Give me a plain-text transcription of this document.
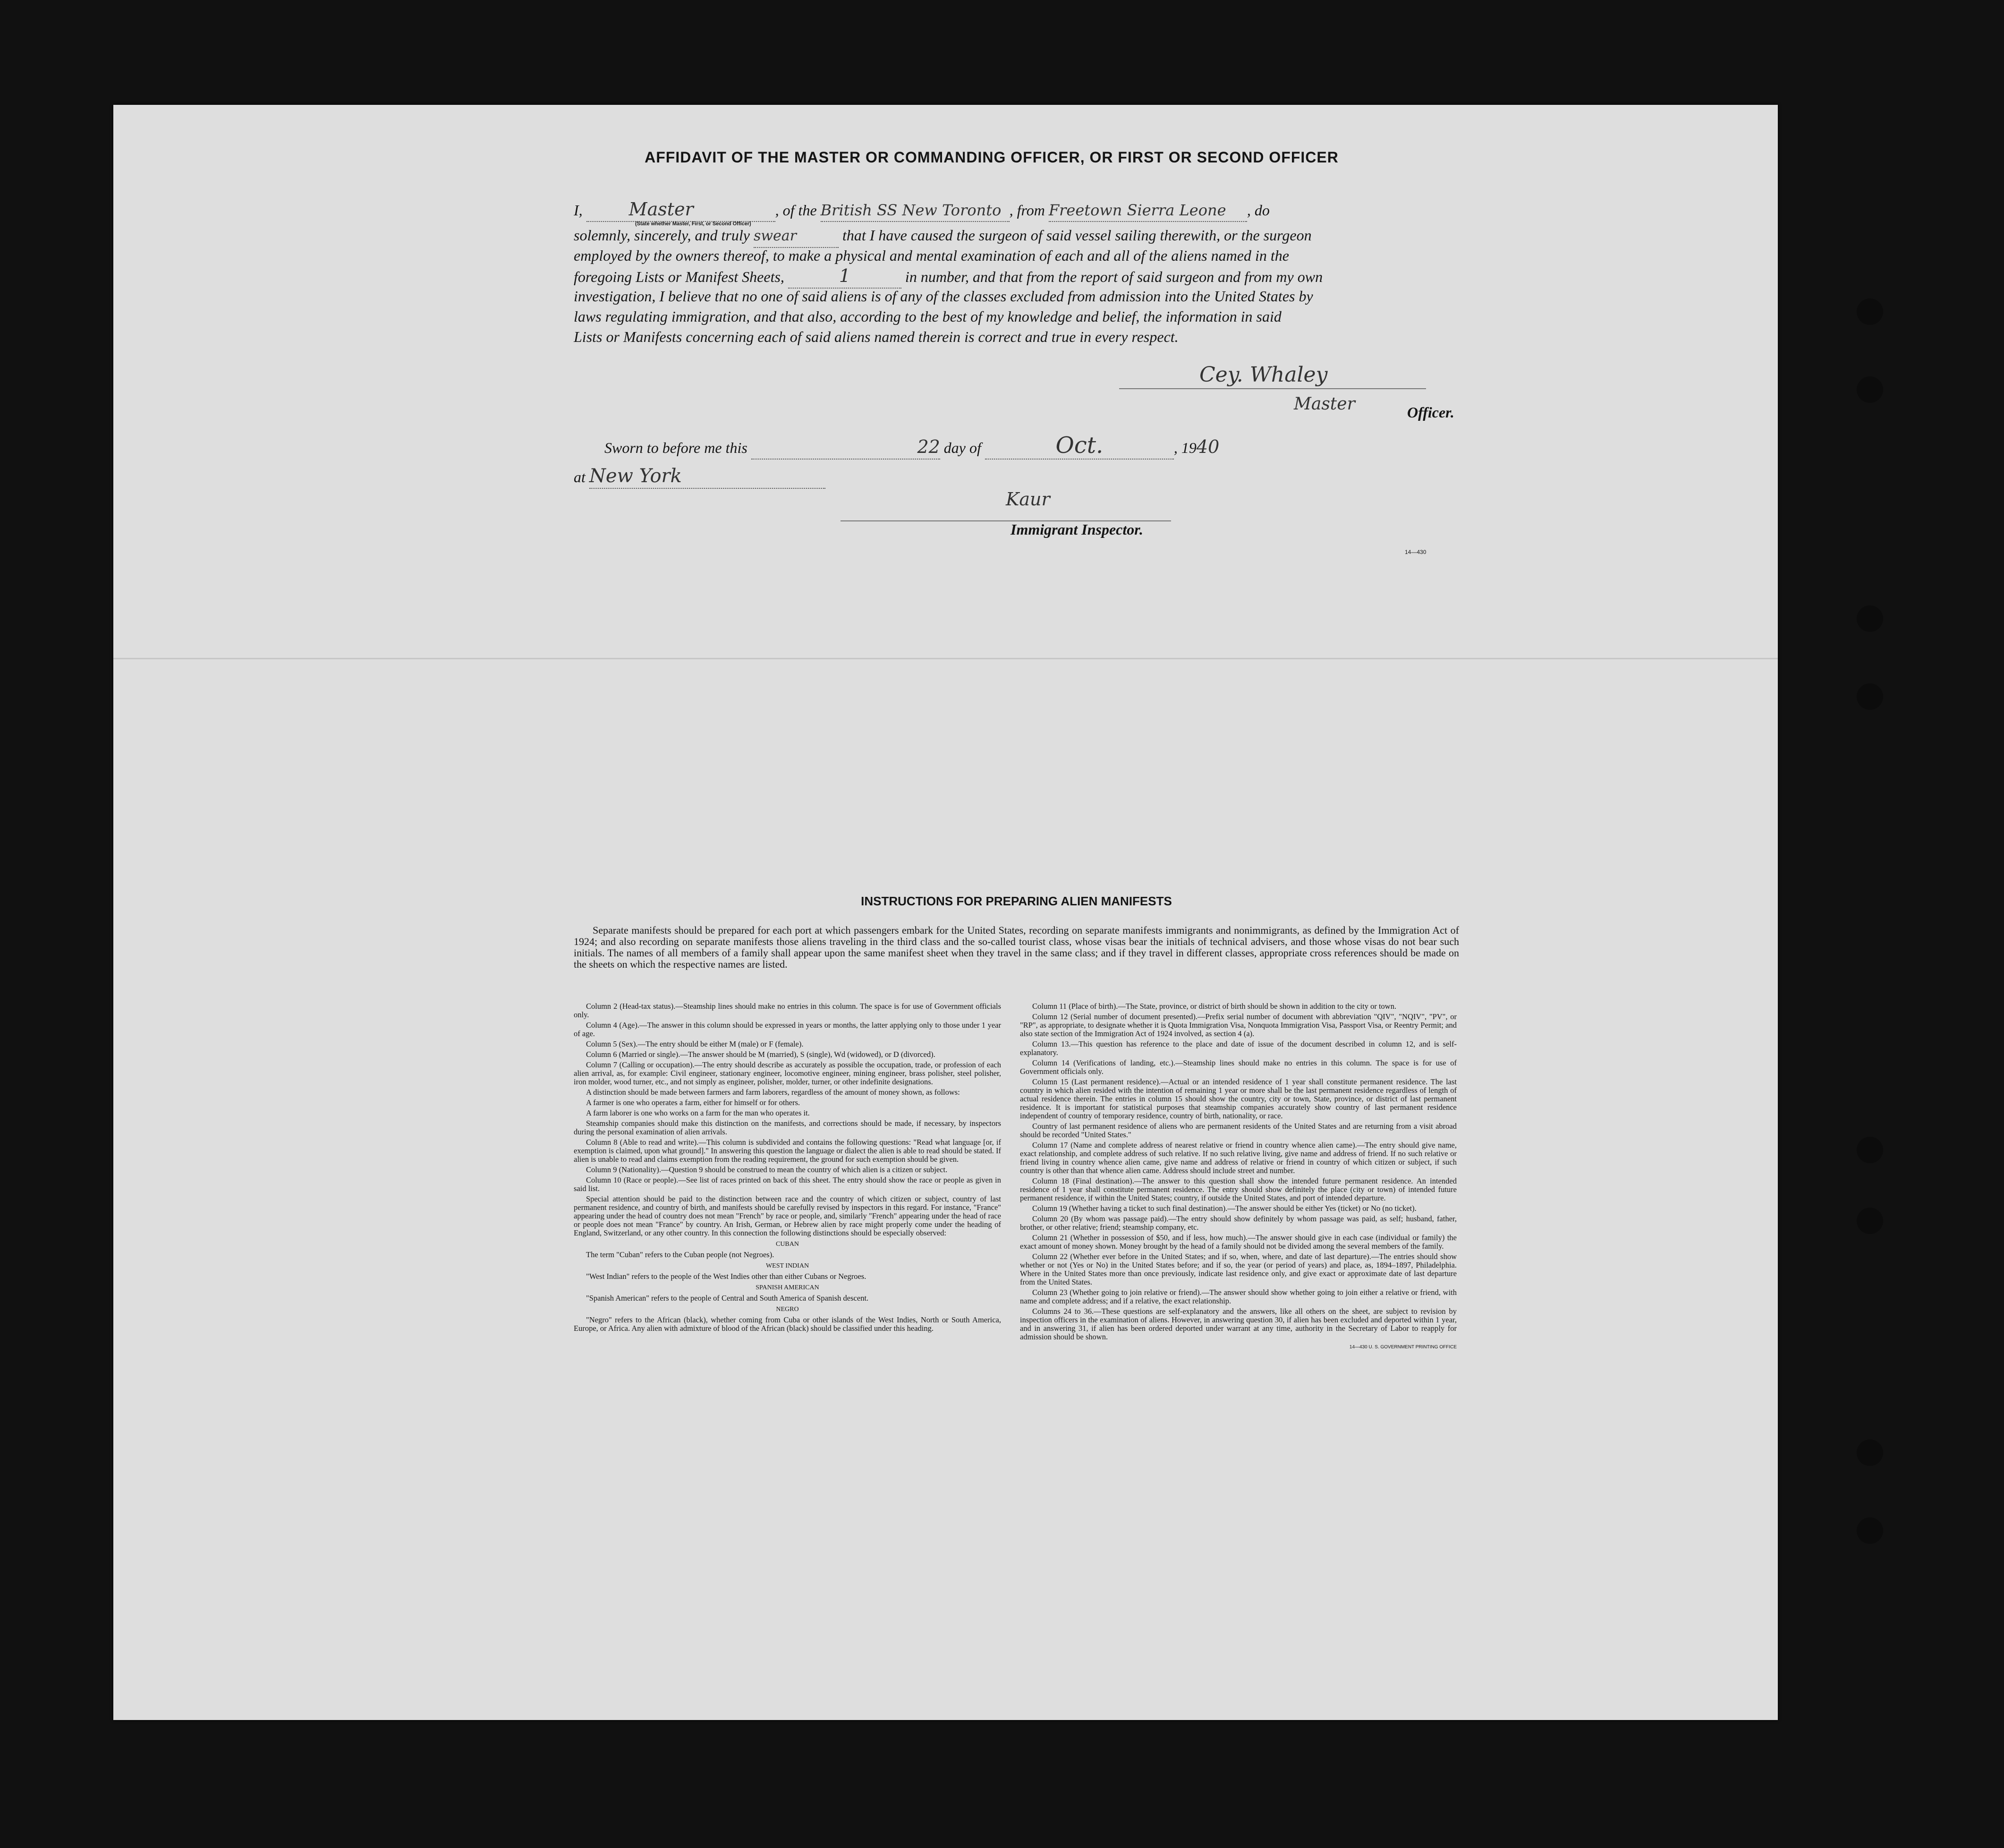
AFFIDAVIT OF THE MASTER OR COMMANDING OFFICER, OR FIRST OR SECOND OFFICER
I,	Master	, of the British SS New Toronto , from Freetown Sierra Leone , do
(State whether Master, First, or Second Officer)
solemnly, sincerely, and truly swear	that I have caused the surgeon of said vessel sailing therewith, or the surgeon
employed by the owners thereof, to make a physical and mental examination of each and all of the aliens named in the
foregoing Lists or Manifest Sheets,	1	in number, and that from the report of said surgeon and from my own
investigation, I believe that no one of said aliens is of any of the classes excluded from admission into the United States by
laws regulating immigration, and that also, according to the best of my knowledge and belief, the information in said
Lists or Manifests concerning each of said aliens named therein is correct and true in every respect.
Cey. Whaley
Master	Officer.
Sworn to before me this	22 day of	Oct.	, 1940
at New York
Kaur
Immigrant Inspector.
14—430
INSTRUCTIONS FOR PREPARING ALIEN MANIFESTS
Separate manifests should be prepared for each port at which passengers embark for the United States, recording on separate manifests immigrants and nonimmigrants, as defined by the Immigration Act of 1924; and also recording on separate manifests those aliens traveling in the third class and the so-called tourist class, whose visas bear the initials of technical advisers, and those whose visas do not bear such initials. The names of all members of a family shall appear upon the same manifest sheet when they travel in the same class; and if they travel in different classes, appropriate cross references should be made on the sheets on which the respective names are listed.

Column 2 (Head-tax status).—Steamship lines should make no entries in this column. The space is for use of Government officials only.

Column 4 (Age).—The answer in this column should be expressed in years or months, the latter applying only to those under 1 year of age.

Column 5 (Sex).—The entry should be either M (male) or F (female).

Column 6 (Married or single).—The answer should be M (married), S (single), Wd (widowed), or D (divorced).

Column 7 (Calling or occupation).—The entry should describe as accurately as possible the occupation, trade, or profession of each alien arrival, as, for example: Civil engineer, stationary engineer, locomotive engineer, mining engineer, brass polisher, steel polisher, iron molder, wood turner, etc., and not simply as engineer, polisher, molder, turner, or other indefinite designations.

A distinction should be made between farmers and farm laborers, regardless of the amount of money shown, as follows:

A farmer is one who operates a farm, either for himself or for others.

A farm laborer is one who works on a farm for the man who operates it.

Steamship companies should make this distinction on the manifests, and corrections should be made, if necessary, by inspectors during the personal examination of alien arrivals.

Column 8 (Able to read and write).—This column is subdivided and contains the following questions: "Read what language [or, if exemption is claimed, upon what ground]." In answering this question the language or dialect the alien is able to read should be stated. If alien is unable to read and claims exemption from the reading requirement, the ground for such exemption should be given.

Column 9 (Nationality).—Question 9 should be construed to mean the country of which alien is a citizen or subject.

Column 10 (Race or people).—See list of races printed on back of this sheet. The entry should show the race or people as given in said list.

Special attention should be paid to the distinction between race and the country of which citizen or subject, country of last permanent residence, and country of birth, and manifests should be carefully revised by inspectors in this regard. For instance, "France" appearing under the head of country does not mean "French" by race or people, and, similarly "French" appearing under the head of race or people does not mean "France" by country. An Irish, German, or Hebrew alien by race might properly come under the heading of England, Switzerland, or any other country. In this connection the following distinctions should be especially observed:

CUBAN

The term "Cuban" refers to the Cuban people (not Negroes).

WEST INDIAN

"West Indian" refers to the people of the West Indies other than either Cubans or Negroes.

SPANISH AMERICAN

"Spanish American" refers to the people of Central and South America of Spanish descent.

NEGRO

"Negro" refers to the African (black), whether coming from Cuba or other islands of the West Indies, North or South America, Europe, or Africa. Any alien with admixture of blood of the African (black) should be classified under this heading.

Column 11 (Place of birth).—The State, province, or district of birth should be shown in addition to the city or town.

Column 12 (Serial number of document presented).—Prefix serial number of document with abbreviation "QIV", "NQIV", "PV", or "RP", as appropriate, to designate whether it is Quota Immigration Visa, Nonquota Immigration Visa, Passport Visa, or Reentry Permit; and also state section of the Immigration Act of 1924 involved, as section 4 (a).

Column 13.—This question has reference to the place and date of issue of the document described in column 12, and is self-explanatory.

Column 14 (Verifications of landing, etc.).—Steamship lines should make no entries in this column. The space is for use of Government officials only.

Column 15 (Last permanent residence).—Actual or an intended residence of 1 year shall constitute permanent residence. The last country in which alien resided with the intention of remaining 1 year or more shall be the last permanent residence regardless of length of actual residence therein. The entries in column 15 should show the country, city or town, State, province, or district of last permanent residence. It is important for statistical purposes that steamship companies accurately show country of last permanent residence independent of country of temporary residence, country of birth, nationality, or race.

Country of last permanent residence of aliens who are permanent residents of the United States and are returning from a visit abroad should be recorded "United States."

Column 17 (Name and complete address of nearest relative or friend in country whence alien came).—The entry should give name, exact relationship, and complete address of such relative. If no such relative living, give name and address of friend. If no such relative or friend living in country whence alien came, give name and address of relative or friend in country of which citizen or subject, if such country is other than that whence alien came. Address should include street and number.

Column 18 (Final destination).—The answer to this question shall show the intended future permanent residence. An intended residence of 1 year shall constitute permanent residence. The entry should show definitely the place (city or town) of intended future permanent residence, if within the United States; country, if outside the United States, and port of intended departure.

Column 19 (Whether having a ticket to such final destination).—The answer should be either Yes (ticket) or No (no ticket).

Column 20 (By whom was passage paid).—The entry should show definitely by whom passage was paid, as self; husband, father, brother, or other relative; friend; steamship company, etc.

Column 21 (Whether in possession of $50, and if less, how much).—The answer should give in each case (individual or family) the exact amount of money shown. Money brought by the head of a family should not be divided among the several members of the family.

Column 22 (Whether ever before in the United States; and if so, when, where, and date of last departure).—The entries should show whether or not (Yes or No) in the United States before; and if so, the year (or period of years) and place, as, 1894–1897, Philadelphia. Where in the United States more than once previously, indicate last residence only, and give exact or approximate date of last departure from the United States.

Column 23 (Whether going to join relative or friend).—The answer should show whether going to join either a relative or friend, with name and complete address; and if a relative, the exact relationship.

Columns 24 to 36.—These questions are self-explanatory and the answers, like all others on the sheet, are subject to revision by inspection officers in the examination of aliens. However, in answering question 30, if alien has been excluded and deported within 1 year, and in answering 31, if alien has been ordered deported under warrant at any time, authority in the Secretary of Labor to reapply for admission should be shown.

14—430 U. S. GOVERNMENT PRINTING OFFICE
